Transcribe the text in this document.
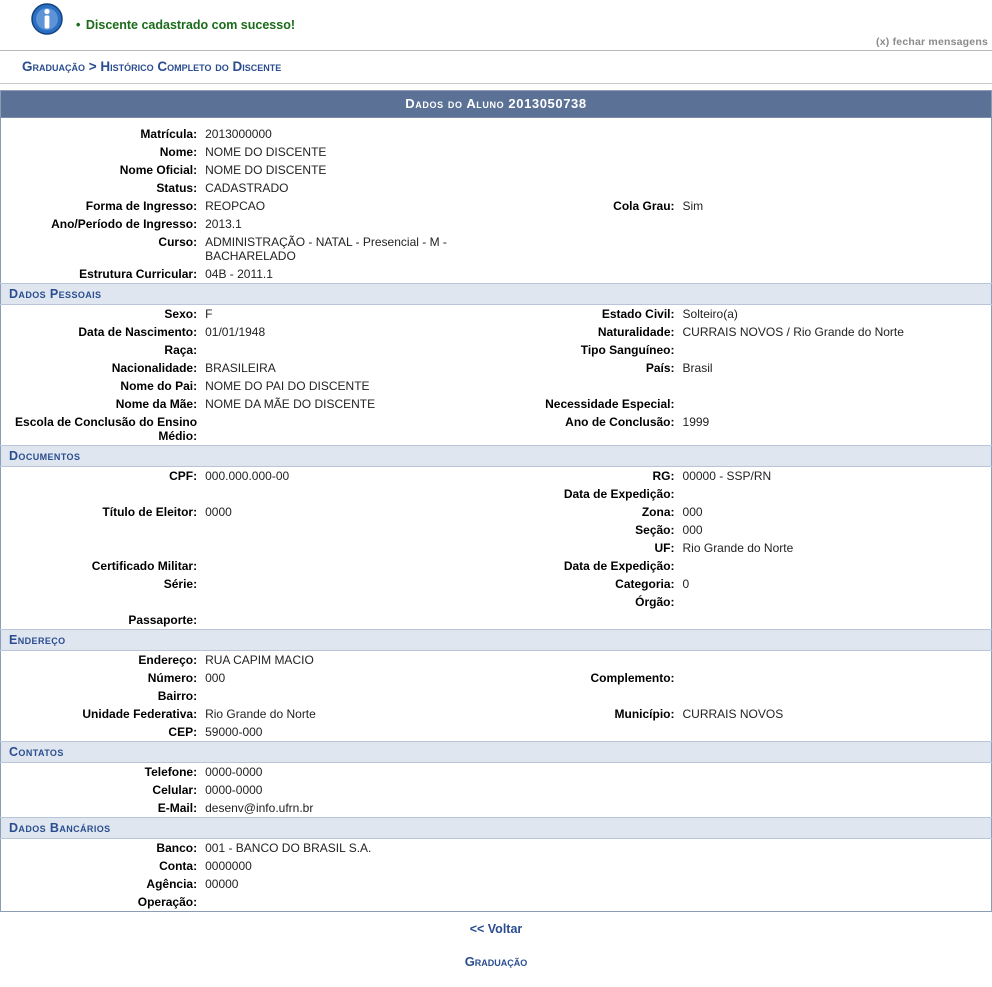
• Discente cadastrado com sucesso!
(x) fechar mensagens
Graduação > Histórico Completo do Discente
Dados do Aluno 2013050738			

Matrícula:	2013000000		
Nome:	NOME DO DISCENTE		
Nome Oficial:	NOME DO DISCENTE		
Status:	CADASTRADO		
Forma de Ingresso:	REOPCAO	Cola Grau:	Sim
Ano/Período de Ingresso:	2013.1		
Curso:	ADMINISTRAÇÃO - NATAL - Presencial - M - BACHARELADO		
Estrutura Curricular:	04B - 2011.1		
Dados Pessoais			
Sexo:	F	Estado Civil:	Solteiro(a)
Data de Nascimento:	01/01/1948	Naturalidade:	CURRAIS NOVOS / Rio Grande do Norte
Raça:		Tipo Sanguíneo:	
Nacionalidade:	BRASILEIRA	País:	Brasil
Nome do Pai:	NOME DO PAI DO DISCENTE		
Nome da Mãe:	NOME DA MÃE DO DISCENTE	Necessidade Especial:	
Escola de Conclusão do Ensino Médio:		Ano de Conclusão:	1999
Documentos			
CPF:	000.000.000-00	RG:	00000 - SSP/RN
		Data de Expedição:	
Título de Eleitor:	0000	Zona:	000
		Seção:	000
		UF:	Rio Grande do Norte
Certificado Militar:		Data de Expedição:	
Série:		Categoria:	0
		Órgão:	
Passaporte:			
Endereço			
Endereço:	RUA CAPIM MACIO		
Número:	000	Complemento:	
Bairro:			
Unidade Federativa:	Rio Grande do Norte	Município:	CURRAIS NOVOS
CEP:	59000-000		
Contatos			
Telefone:	0000-0000		
Celular:	0000-0000		
E-Mail:	desenv@info.ufrn.br		
Dados Bancários			
Banco:	001 - BANCO DO BRASIL S.A.		
Conta:	0000000		
Agência:	00000		
Operação:			
<< Voltar
Graduação
